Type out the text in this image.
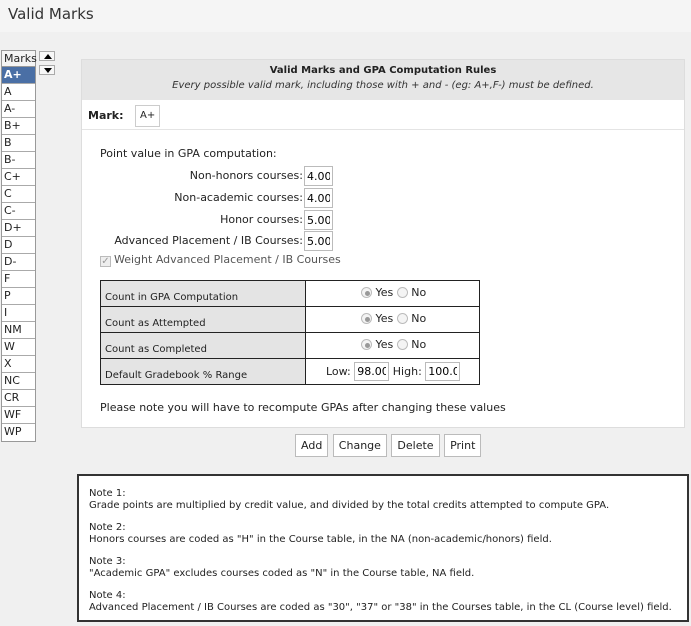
Valid Marks
Marks
A+
A
A-
B+
B
B-
C+
C
C-
D+
D
D-
F
P
I
NM
W
X
NC
CR
WF
WP
Valid Marks and GPA Computation Rules
Every possible valid mark, including those with + and - (eg: A+,F-) must be defined.
Mark:	A+
Point value in GPA computation:
Non-honors courses:
4.00
Non-academic courses:
4.00
Honor courses:
5.00
Advanced Placement / IB Courses:
5.00
✓ Weight Advanced Placement / IB Courses
Count in GPA Computation	Yes No

Count as Attempted	Yes No

Count as Completed	Yes No

Default Gradebook % Range	Low: 98.00 High: 100.00
Please note you will have to recompute GPAs after changing these values
Add Change Delete Print

Note 1:
Grade points are multiplied by credit value, and divided by the total credits attempted to compute GPA.

Note 2:
Honors courses are coded as "H" in the Course table, in the NA (non-academic/honors) field.

Note 3:
"Academic GPA" excludes courses coded as "N" in the Course table, NA field.

Note 4:
Advanced Placement / IB Courses are coded as "30", "37" or "38" in the Courses table, in the CL (Course level) field.
